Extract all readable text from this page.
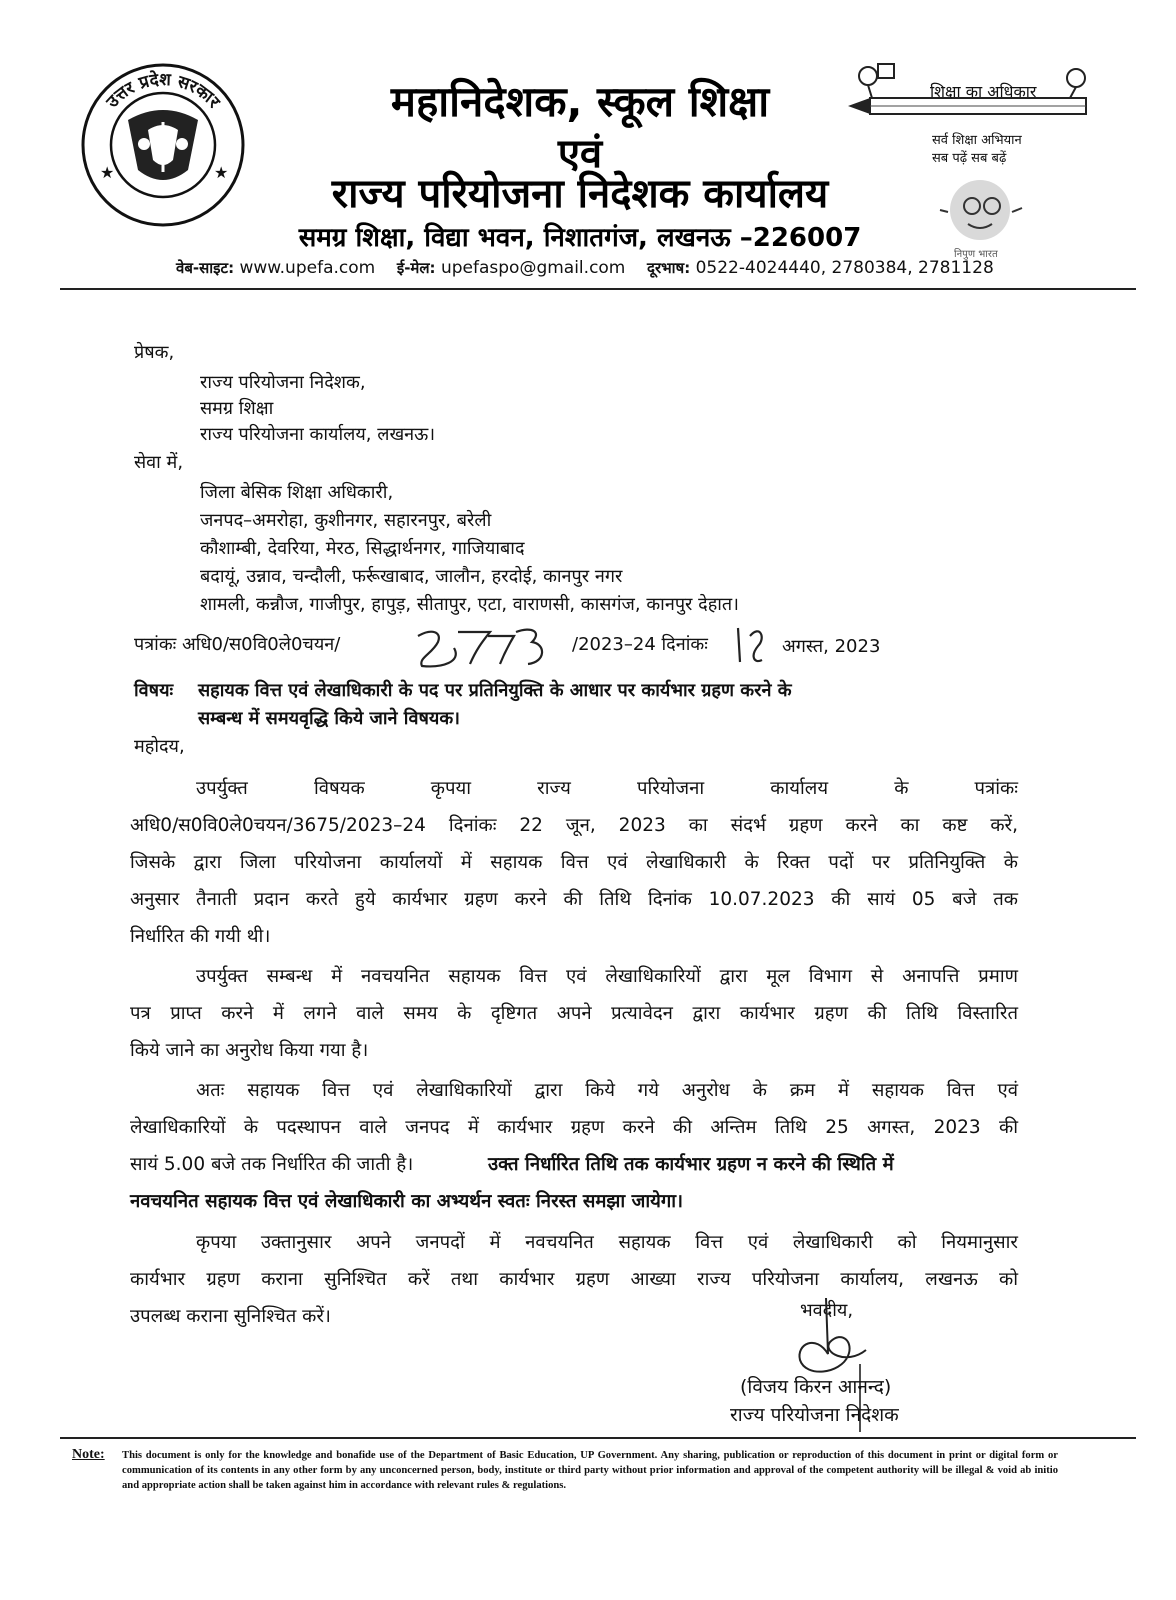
उत्तर प्रदेश सरकार
★	★
महानिदेशक, स्कूल शिक्षा
एवं
राज्य परियोजना निदेशक कार्यालय
समग्र शिक्षा, विद्या भवन, निशातगंज, लखनऊ –226007
वेब-साइट: www.upefa.com ई-मेल: upefaspo@gmail.com दूरभाष: 0522-4024440, 2780384, 2781128
शिक्षा का अधिकार
सर्व शिक्षा अभियान
सब पढ़ें सब बढ़ें
निपुण भारत
प्रेषक,
राज्य परियोजना निदेशक,
समग्र शिक्षा
राज्य परियोजना कार्यालय, लखनऊ।
सेवा में,
जिला बेसिक शिक्षा अधिकारी,
जनपद–अमरोहा, कुशीनगर, सहारनपुर, बरेली
कौशाम्बी, देवरिया, मेरठ, सिद्धार्थनगर, गाजियाबाद
बदायूं, उन्नाव, चन्दौली, फर्रूखाबाद, जालौन, हरदोई, कानपुर नगर
शामली, कन्नौज, गाजीपुर, हापुड़, सीतापुर, एटा, वाराणसी, कासगंज, कानपुर देहात।
पत्रांकः अधि0/स0वि0ले0चयन/	/2023–24 दिनांकः	अगस्त, 2023
विषयः सहायक वित्त एवं लेखाधिकारी के पद पर प्रतिनियुक्ति के आधार पर कार्यभार ग्रहण करने के
सम्बन्ध में समयवृद्धि किये जाने विषयक।
महोदय,
उपर्युक्त विषयक कृपया राज्य परियोजना कार्यालय के पत्रांकः
अधि0/स0वि0ले0चयन/3675/2023–24 दिनांकः 22 जून, 2023 का संदर्भ ग्रहण करने का कष्ट करें,
जिसके द्वारा जिला परियोजना कार्यालयों में सहायक वित्त एवं लेखाधिकारी के रिक्त पदों पर प्रतिनियुक्ति के
अनुसार तैनाती प्रदान करते हुये कार्यभार ग्रहण करने की तिथि दिनांक 10.07.2023 की सायं 05 बजे तक
निर्धारित की गयी थी।
उपर्युक्त सम्बन्ध में नवचयनित सहायक वित्त एवं लेखाधिकारियों द्वारा मूल विभाग से अनापत्ति प्रमाण
पत्र प्राप्त करने में लगने वाले समय के दृष्टिगत अपने प्रत्यावेदन द्वारा कार्यभार ग्रहण की तिथि विस्तारित
किये जाने का अनुरोध किया गया है।
अतः सहायक वित्त एवं लेखाधिकारियों द्वारा किये गये अनुरोध के क्रम में सहायक वित्त एवं
लेखाधिकारियों के पदस्थापन वाले जनपद में कार्यभार ग्रहण करने की अन्तिम तिथि 25 अगस्त, 2023 की
सायं 5.00 बजे तक निर्धारित की जाती है।	उक्त निर्धारित तिथि तक कार्यभार ग्रहण न करने की स्थिति में
नवचयनित सहायक वित्त एवं लेखाधिकारी का अभ्यर्थन स्वतः निरस्त समझा जायेगा।
कृपया उक्तानुसार अपने जनपदों में नवचयनित सहायक वित्त एवं लेखाधिकारी को नियमानुसार
कार्यभार ग्रहण कराना सुनिश्चित करें तथा कार्यभार ग्रहण आख्या राज्य परियोजना कार्यालय, लखनऊ को
उपलब्ध कराना सुनिश्चित करें।	भवदीय,
(विजय किरन आनन्द)
राज्य परियोजना निदेशक
Note: This document is only for the knowledge and bonafide use of the Department of Basic Education, UP Government. Any sharing, publication or reproduction of this document in print or digital form or communication of its contents in any other form by any unconcerned person, body, institute or third party without prior information and approval of the competent authority will be illegal & void ab initio and appropriate action shall be taken against him in accordance with relevant rules & regulations.
